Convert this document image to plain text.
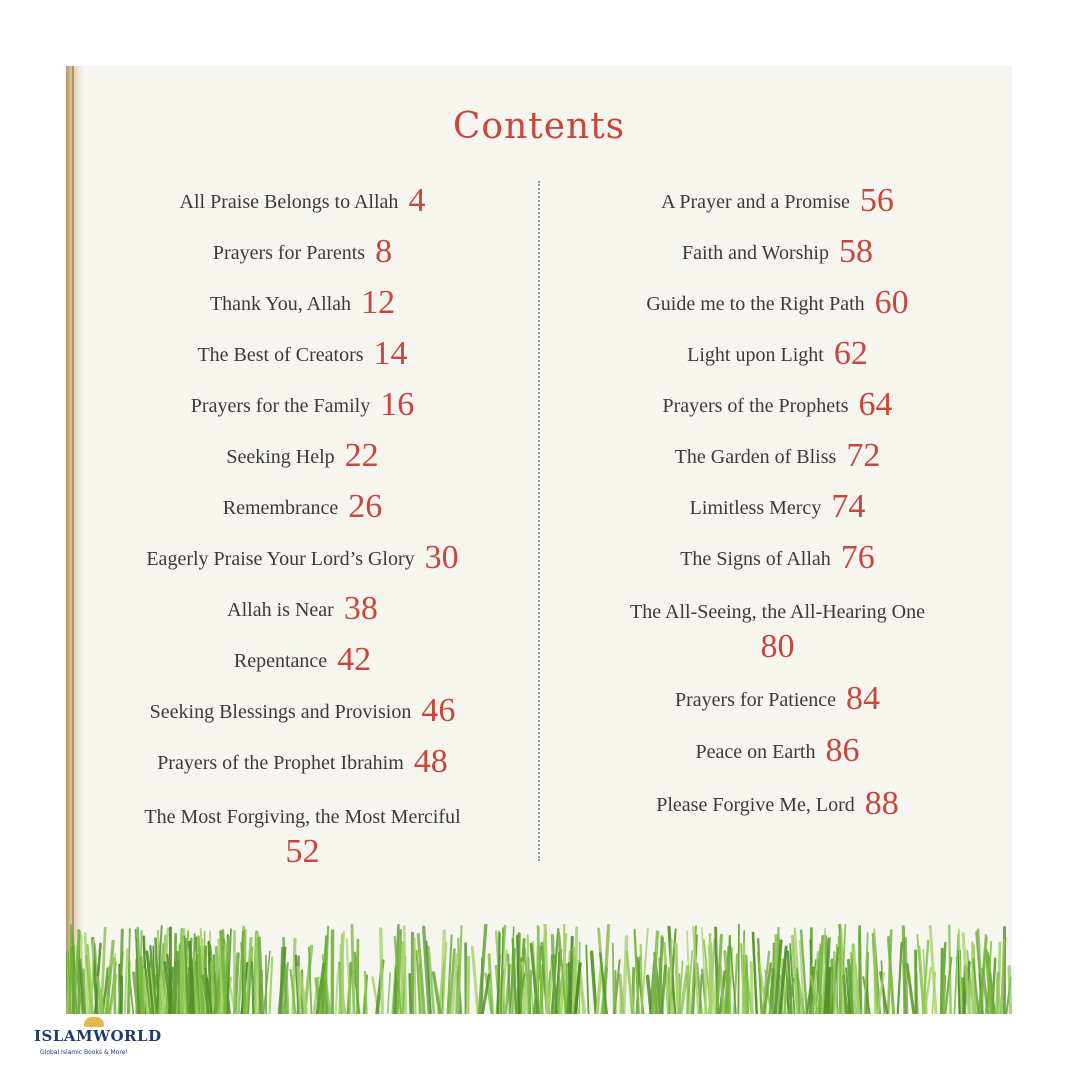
Contents
All Praise Belongs to Allah 4
Prayers for Parents 8
Thank You, Allah 12
The Best of Creators 14
Prayers for the Family 16
Seeking Help 22
Remembrance 26
Eagerly Praise Your Lord’s Glory 30
Allah is Near 38
Repentance 42
Seeking Blessings and Provision 46
Prayers of the Prophet Ibrahim 48
The Most Forgiving, the Most Merciful
52
A Prayer and a Promise 56
Faith and Worship 58
Guide me to the Right Path 60
Light upon Light 62
Prayers of the Prophets 64
The Garden of Bliss 72
Limitless Mercy 74
The Signs of Allah 76
The All-Seeing, the All-Hearing One
80
Prayers for Patience 84
Peace on Earth 86
Please Forgive Me, Lord 88
ISLAMWORLD
Global Islamic Books & More!
